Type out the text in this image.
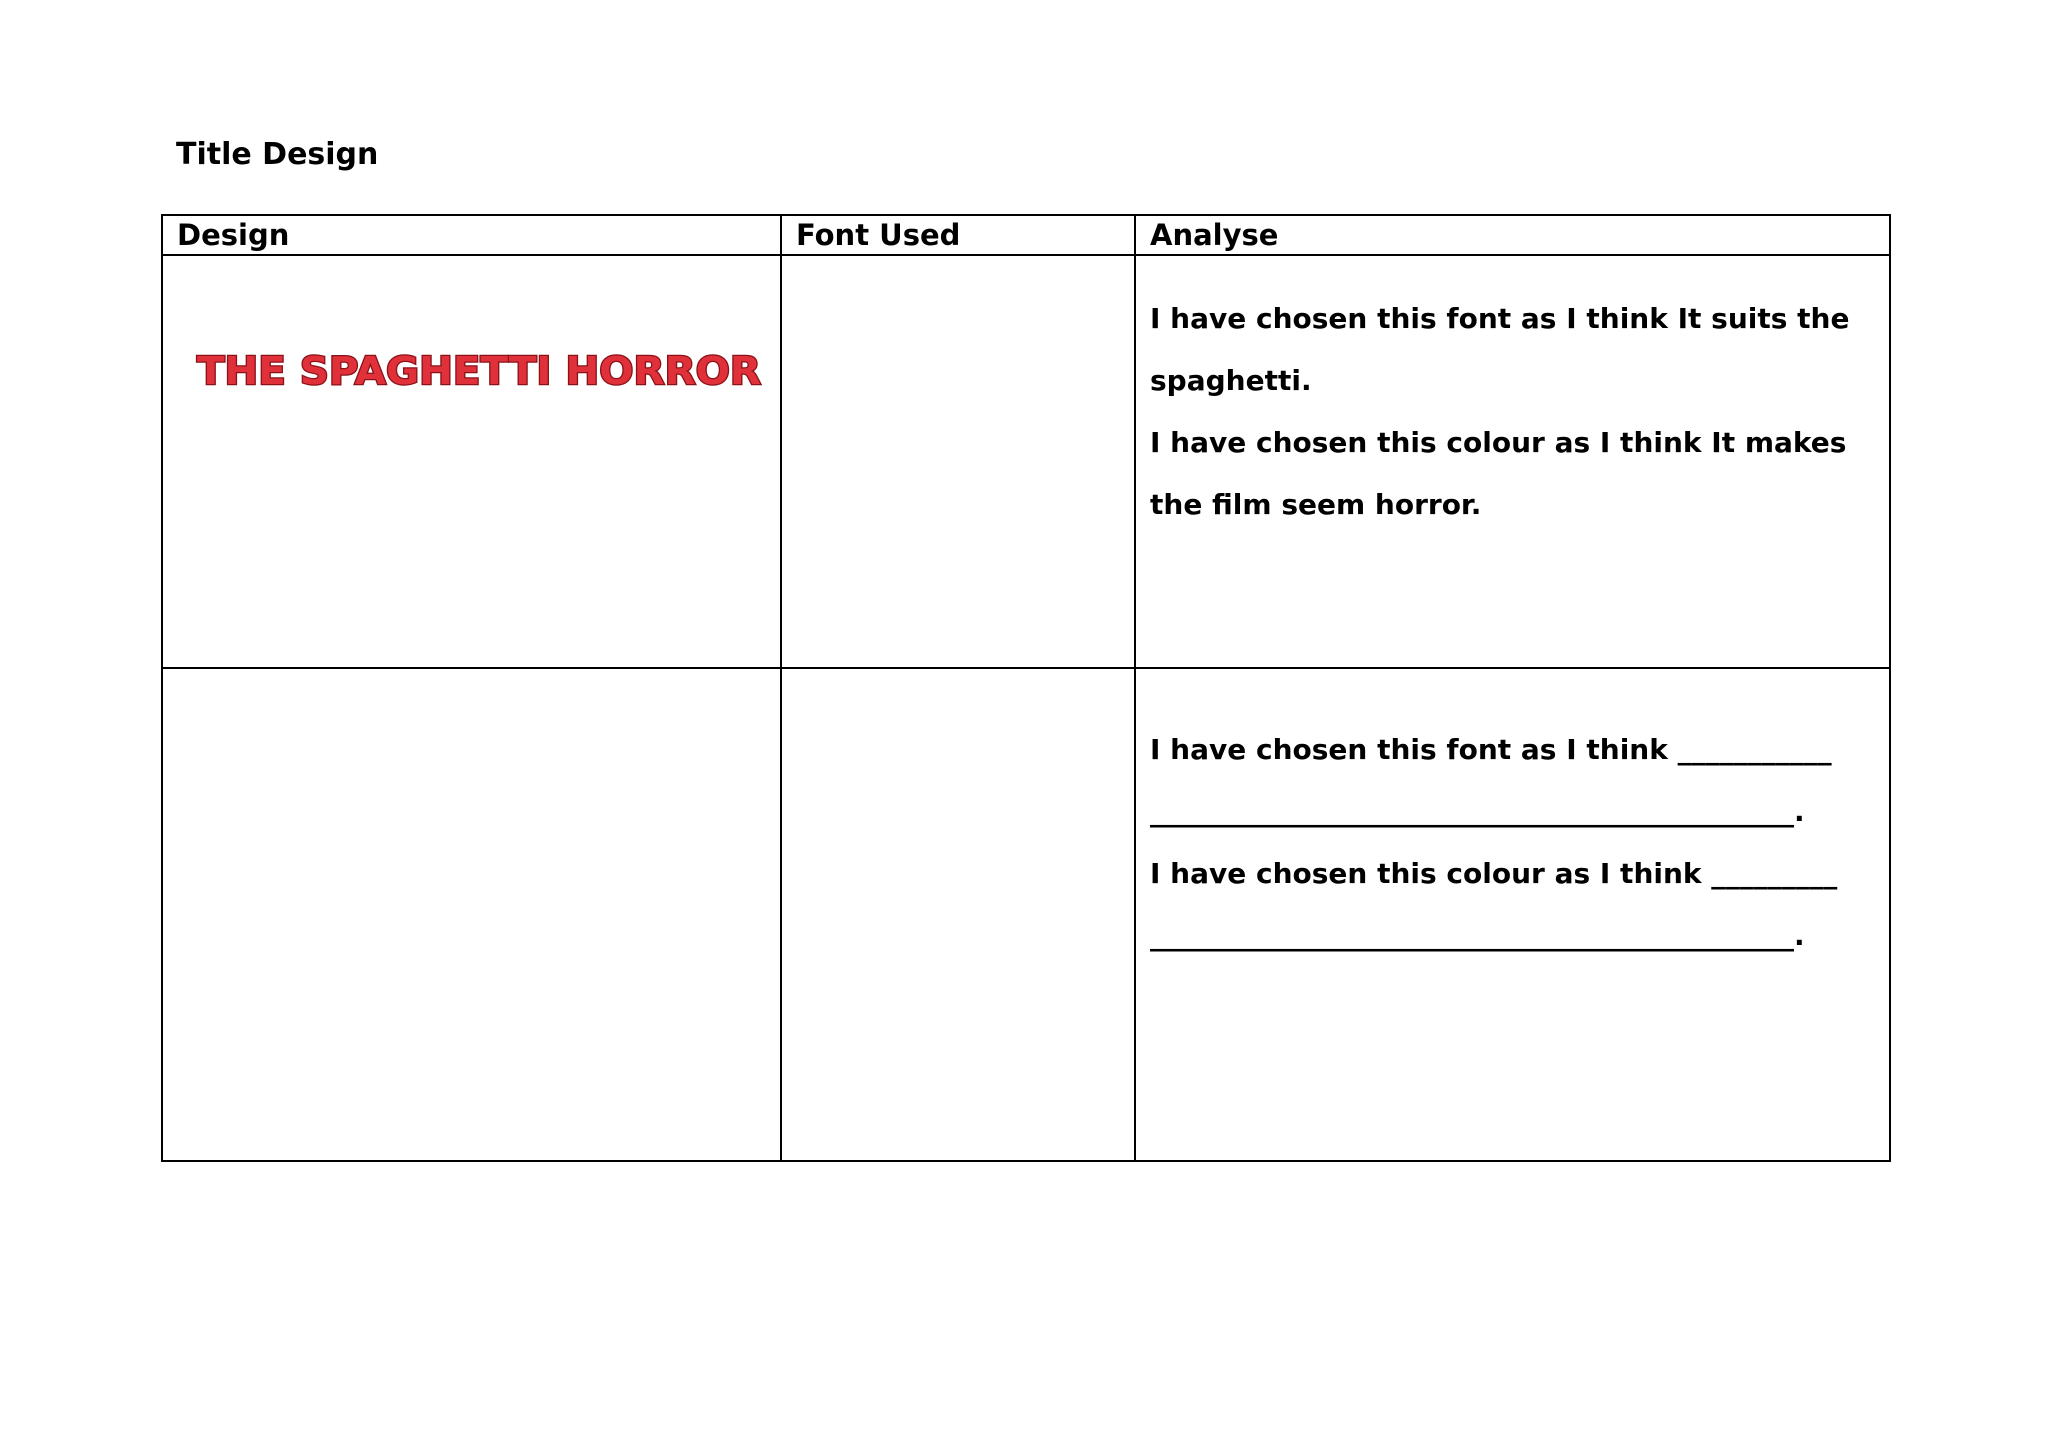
Title Design
Design	Font Used	Analyse

THE SPAGHETTI HORROR		I have chosen this font as I think It suits the

spaghetti.

I have chosen this colour as I think It makes

the film seem horror.

		I have chosen this font as I think ___________

______________________________________________.

I have chosen this colour as I think _________

______________________________________________.
